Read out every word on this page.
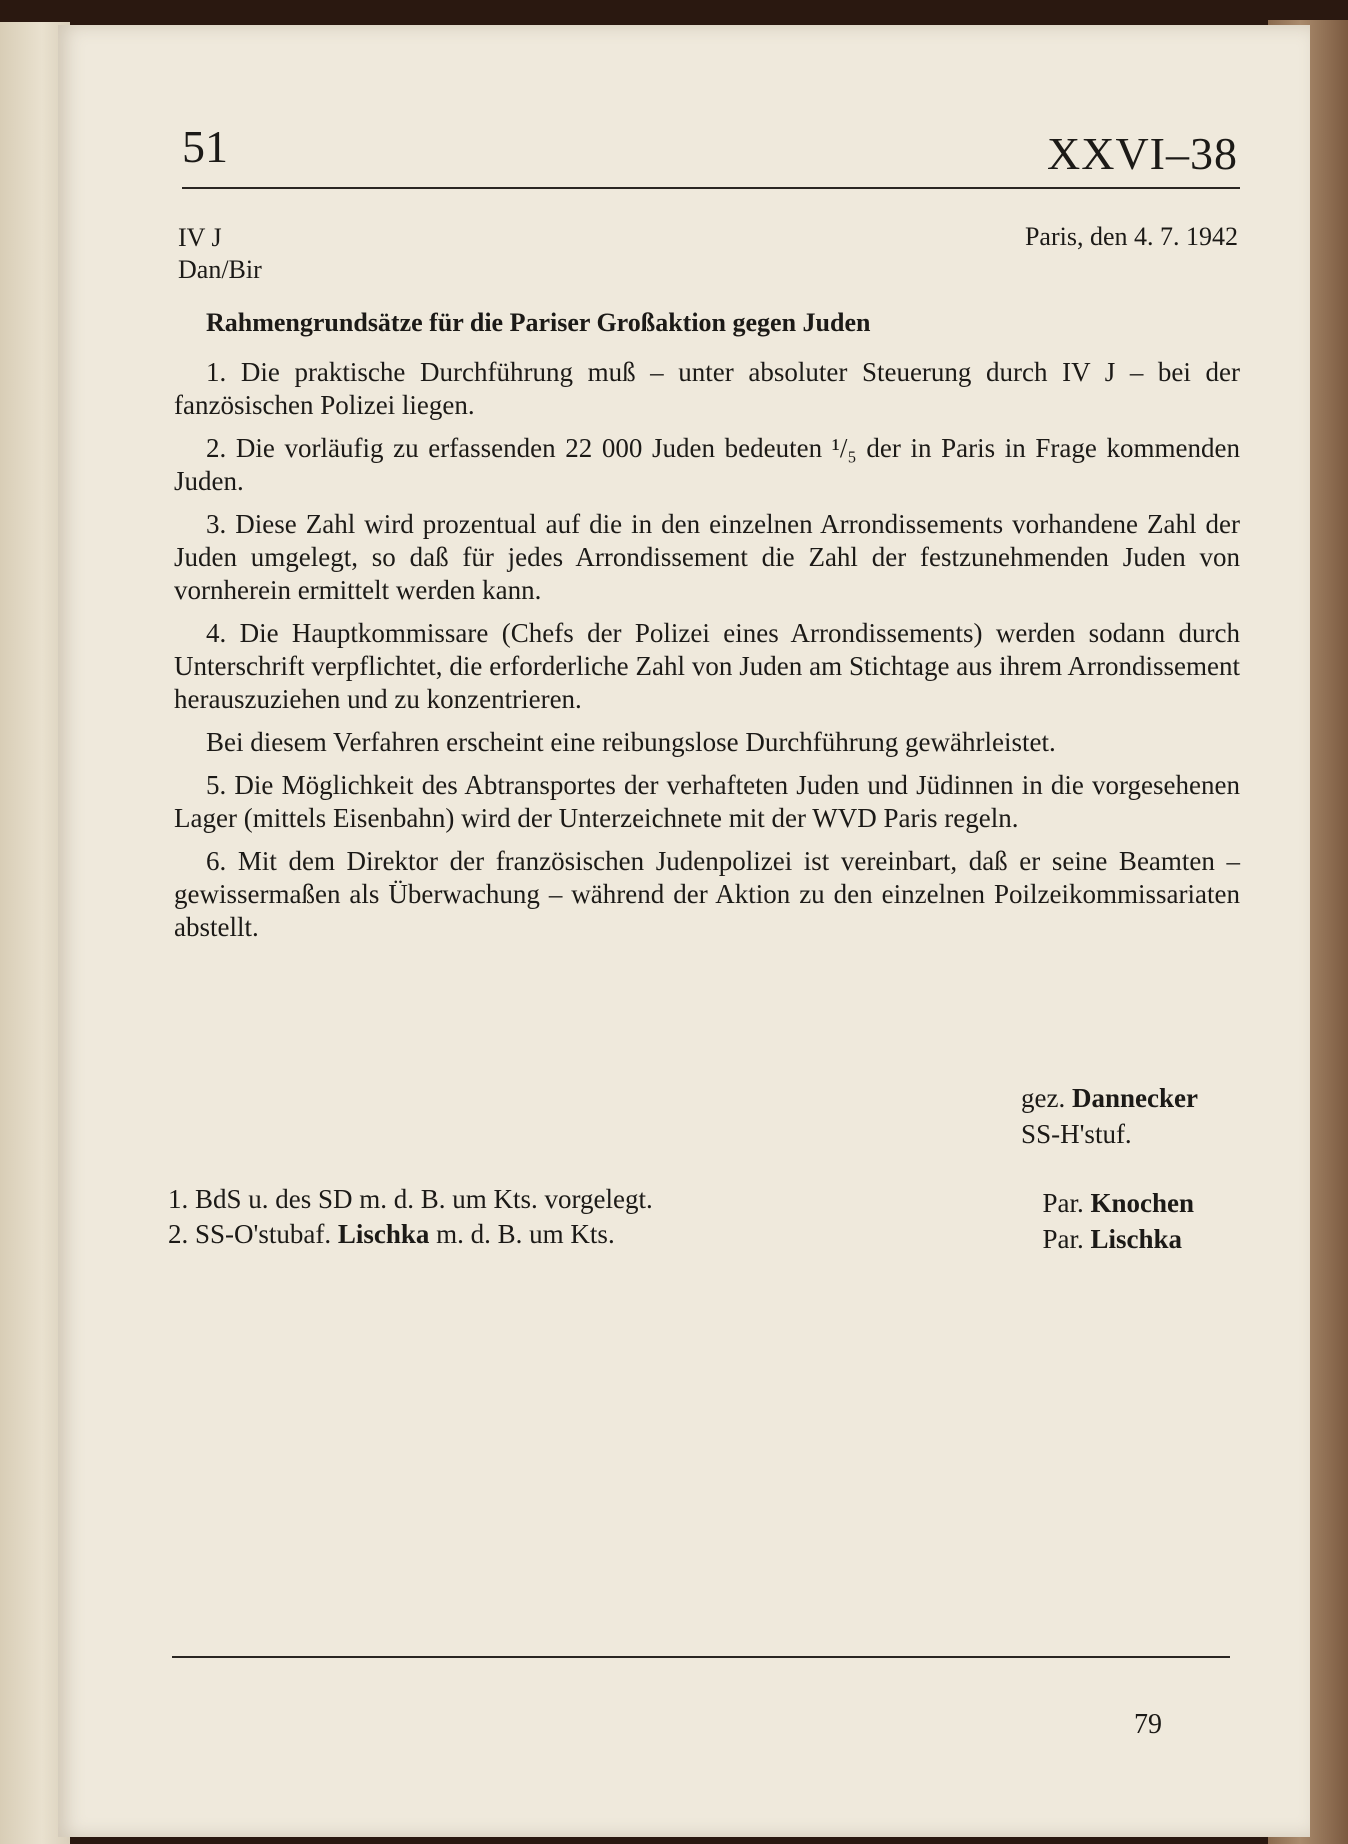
51	XXVI–38
IV J
Dan/Bir
Paris, den 4. 7. 1942
Rahmengrundsätze für die Pariser Großaktion gegen Juden

1. Die praktische Durchführung muß – unter absoluter Steuerung durch IV J – bei der fanzösischen Polizei liegen.

2. Die vorläufig zu erfassenden 22 000 Juden bedeuten ¹/₅ der in Paris in Frage kommenden Juden.

3. Diese Zahl wird prozentual auf die in den einzelnen Arrondissements vorhandene Zahl der Juden umgelegt, so daß für jedes Arrondissement die Zahl der festzunehmenden Juden von vornherein ermittelt werden kann.

4. Die Hauptkommissare (Chefs der Polizei eines Arrondissements) werden sodann durch Unterschrift verpflichtet, die erforderliche Zahl von Juden am Stichtage aus ihrem Arrondissement herauszuziehen und zu konzentrieren.

Bei diesem Verfahren erscheint eine reibungslose Durchführung gewährleistet.

5. Die Möglichkeit des Abtransportes der verhafteten Juden und Jüdinnen in die vorgesehenen Lager (mittels Eisenbahn) wird der Unterzeichnete mit der WVD Paris regeln.

6. Mit dem Direktor der französischen Judenpolizei ist vereinbart, daß er seine Beamten – gewissermaßen als Überwachung – während der Aktion zu den einzelnen Poilzeikommissariaten abstellt.

gez. Dannecker
SS-H'stuf.
1. BdS u. des SD m. d. B. um Kts. vorgelegt.
2. SS-O'stubaf. Lischka m. d. B. um Kts.
Par. Knochen
Par. Lischka
79
